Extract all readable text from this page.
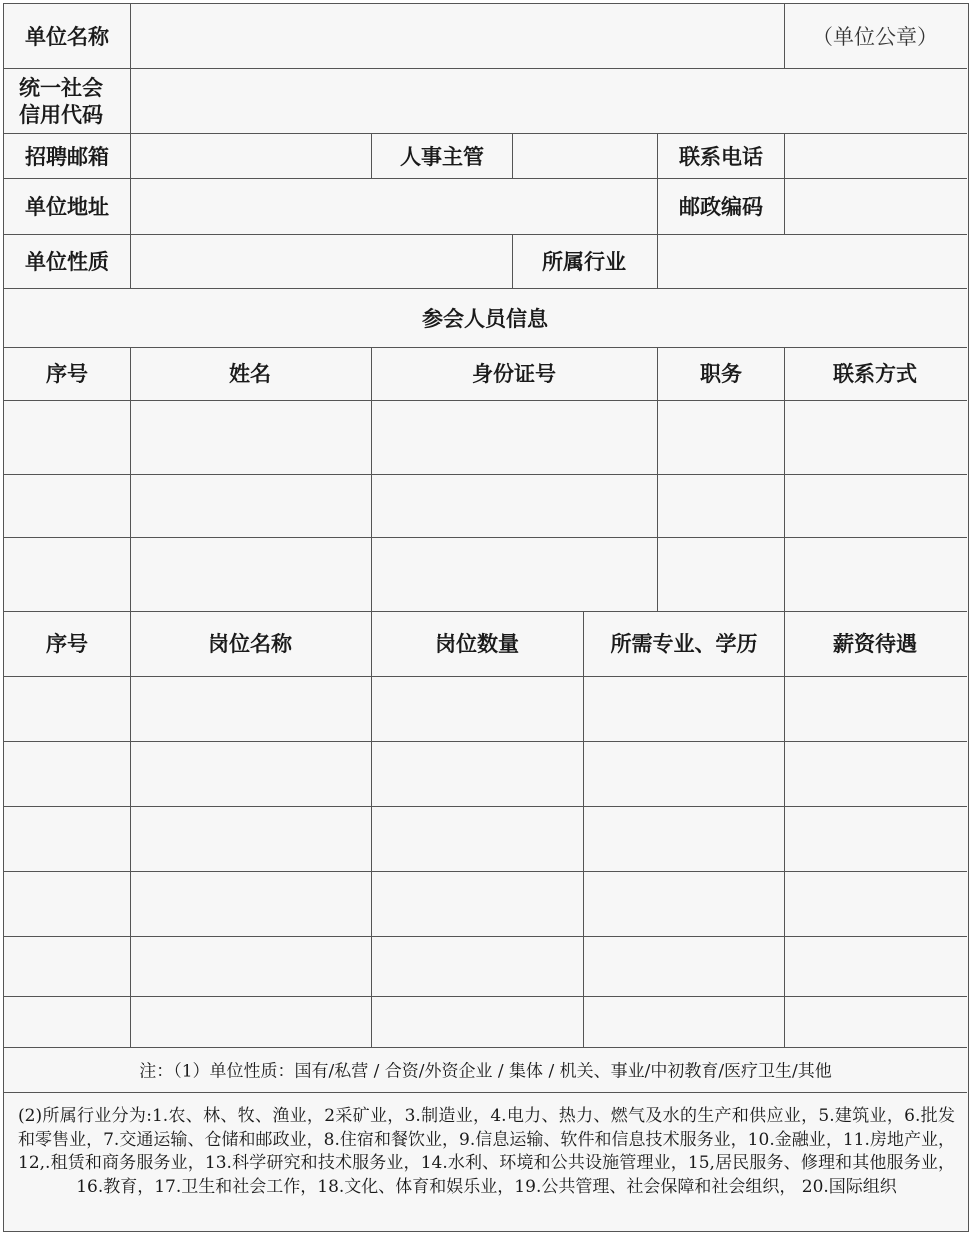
单位名称	（单位公章）
统一社会
信用代码
招聘邮箱	人事主管	联系电话
单位地址	邮政编码
单位性质	所属行业
参会人员信息
序号	姓名	身份证号	职务	联系方式
序号	岗位名称	岗位数量	所需专业、学历	薪资待遇
注：（1）单位性质：国有/私营 / 合资/外资企业 / 集体 / 机关、事业/中初教育/医疗卫生/其他
(2)所属行业分为:1.农、林、牧、渔业，2采矿业，3.制造业，4.电力、热力、燃气及水的生产和供应业，5.建筑业，6.批发和零售业，7.交通运输、仓储和邮政业，8.住宿和餐饮业，9.信息运输、软件和信息技术服务业，10.金融业，11.房地产业，12,.租赁和商务服务业，13.科学研究和技术服务业，14.水利、环境和公共设施管理业，15,居民服务、修理和其他服务业，16.教育，17.卫生和社会工作，18.文化、体育和娱乐业，19.公共管理、社会保障和社会组织， 20.国际组织
